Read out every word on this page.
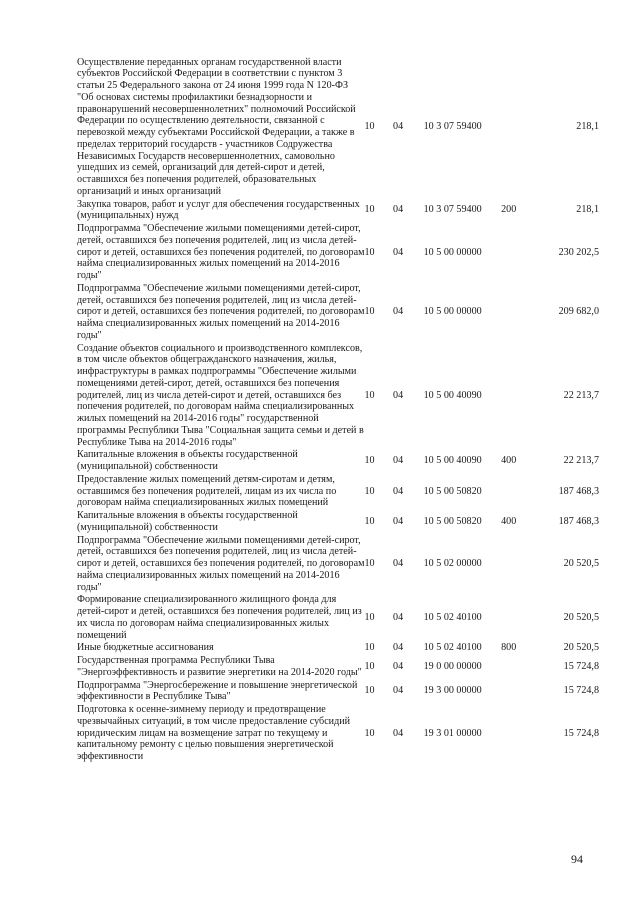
Осуществление переданных органам государственной власти субъектов Российской Федерации в соответствии с пунктом 3 статьи 25 Федерального закона от 24 июня 1999 года N 120-ФЗ "Об основах системы профилактики безнадзорности и правонарушений несовершеннолетних" полномочий Российской Федерации по осуществлению деятельности, связанной с перевозкой между субъектами Российской Федерации, а также в пределах территорий государств - участников Содружества Независимых Государств несовершеннолетних, самовольно ушедших из семей, организаций для детей-сирот и детей, оставшихся без попечения родителей, образовательных организаций и иных организаций	10	04	10 3 07 59400		218,1
Закупка товаров, работ и услуг для обеспечения государственных (муниципальных) нужд	10	04	10 3 07 59400	200	218,1
Подпрограмма "Обеспечение жилыми помещениями детей-сирот, детей, оставшихся без попечения родителей, лиц из числа детей-сирот и детей, оставшихся без попечения родителей, по договорам найма специализированных жилых помещений на 2014-2016 годы"	10	04	10 5 00 00000		230 202,5
Подпрограмма "Обеспечение жилыми помещениями детей-сирот, детей, оставшихся без попечения родителей, лиц из числа детей-сирот и детей, оставшихся без попечения родителей, по договорам найма специализированных жилых помещений на 2014-2016 годы"	10	04	10 5 00 00000		209 682,0
Создание объектов социального и производственного комплексов, в том числе объектов общегражданского назначения, жилья, инфраструктуры в рамках подпрограммы "Обеспечение жилыми помещениями детей-сирот, детей, оставшихся без попечения родителей, лиц из числа детей-сирот и детей, оставшихся без попечения родителей, по договорам найма специализированных жилых помещений на 2014-2016 годы" государственной программы Республики Тыва "Социальная защита семьи и детей в Республике Тыва на 2014-2016 годы"	10	04	10 5 00 40090		22 213,7
Капитальные вложения в объекты государственной (муниципальной) собственности	10	04	10 5 00 40090	400	22 213,7
Предоставление жилых помещений детям-сиротам и детям, оставшимся без попечения родителей, лицам из их числа по договорам найма специализированных жилых помещений	10	04	10 5 00 50820		187 468,3
Капитальные вложения в объекты государственной (муниципальной) собственности	10	04	10 5 00 50820	400	187 468,3
Подпрограмма "Обеспечение жилыми помещениями детей-сирот, детей, оставшихся без попечения родителей, лиц из числа детей-сирот и детей, оставшихся без попечения родителей, по договорам найма специализированных жилых помещений на 2014-2016 годы"	10	04	10 5 02 00000		20 520,5
Формирование специализированного жилищного фонда для детей-сирот и детей, оставшихся без попечения родителей, лиц из их числа по договорам найма специализированных жилых помещений	10	04	10 5 02 40100		20 520,5
Иные бюджетные ассигнования	10	04	10 5 02 40100	800	20 520,5
Государственная программа Республики Тыва "Энергоэффективность и развитие энергетики на 2014-2020 годы"	10	04	19 0 00 00000		15 724,8
Подпрограмма "Энергосбережение и повышение энергетической эффективности в Республике Тыва"	10	04	19 3 00 00000		15 724,8
Подготовка к осенне-зимнему периоду и предотвращение чрезвычайных ситуаций, в том числе предоставление субсидий юридическим лицам на возмещение затрат по текущему и капитальному ремонту с целью повышения энергетической эффективности	10	04	19 3 01 00000		15 724,8
94
